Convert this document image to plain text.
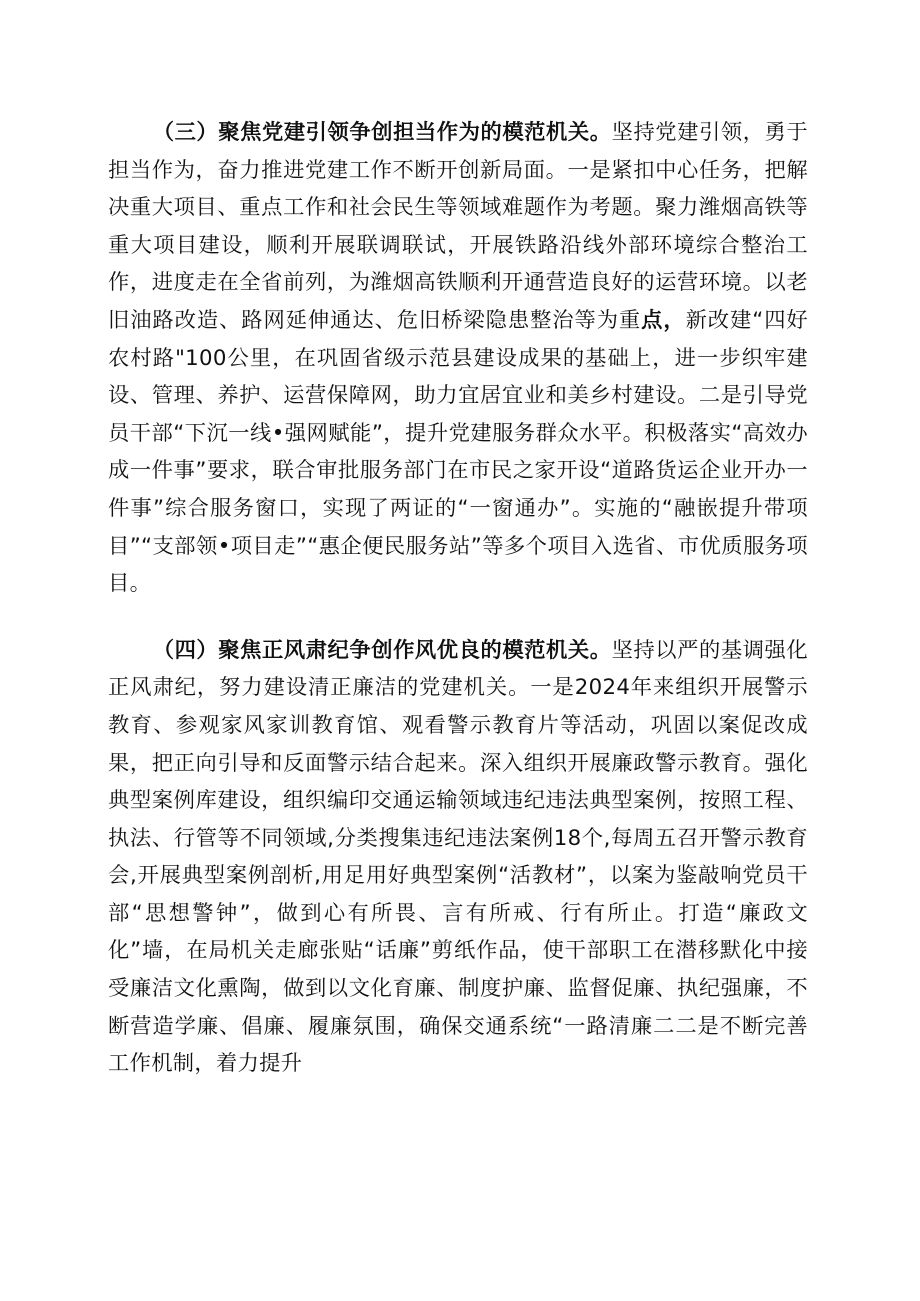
（三）聚焦党建引领争创担当作为的模范机关。坚持党建引领，勇于担当作为，奋力推进党建工作不断开创新局面。一是紧扣中心任务，把解决重大项目、重点工作和社会民生等领域难题作为考题。聚力潍烟高铁等重大项目建设，顺利开展联调联试，开展铁路沿线外部环境综合整治工作，进度走在全省前列，为潍烟高铁顺利开通营造良好的运营环境。以老旧油路改造、路网延伸通达、危旧桥梁隐患整治等为重点，新改建“四好农村路"100公里，在巩固省级示范县建设成果的基础上，进一步织牢建设、管理、养护、运营保障网，助力宜居宜业和美乡村建设。二是引导党员干部“下沉一线•强网赋能”，提升党建服务群众水平。积极落实“高效办成一件事”要求，联合审批服务部门在市民之家开设“道路货运企业开办一件事”综合服务窗口，实现了两证的“一窗通办”。实施的“融嵌提升带项目”“支部领•项目走”“惠企便民服务站”等多个项目入选省、市优质服务项目。

（四）聚焦正风肃纪争创作风优良的模范机关。坚持以严的基调强化正风肃纪，努力建设清正廉洁的党建机关。一是2024年来组织开展警示教育、参观家风家训教育馆、观看警示教育片等活动，巩固以案促改成果，把正向引导和反面警示结合起来。深入组织开展廉政警示教育。强化典型案例库建设，组织编印交通运输领域违纪违法典型案例，按照工程、执法、行管等不同领域,分类搜集违纪违法案例18个,每周五召开警示教育会,开展典型案例剖析,用足用好典型案例“活教材”，以案为鉴敲响党员干部“思想警钟”，做到心有所畏、言有所戒、行有所止。打造“廉政文化”墙，在局机关走廊张贴“话廉”剪纸作品，使干部职工在潜移默化中接受廉洁文化熏陶，做到以文化育廉、制度护廉、监督促廉、执纪强廉，不断营造学廉、倡廉、履廉氛围，确保交通系统“一路清廉二二是不断完善工作机制，着力提升
